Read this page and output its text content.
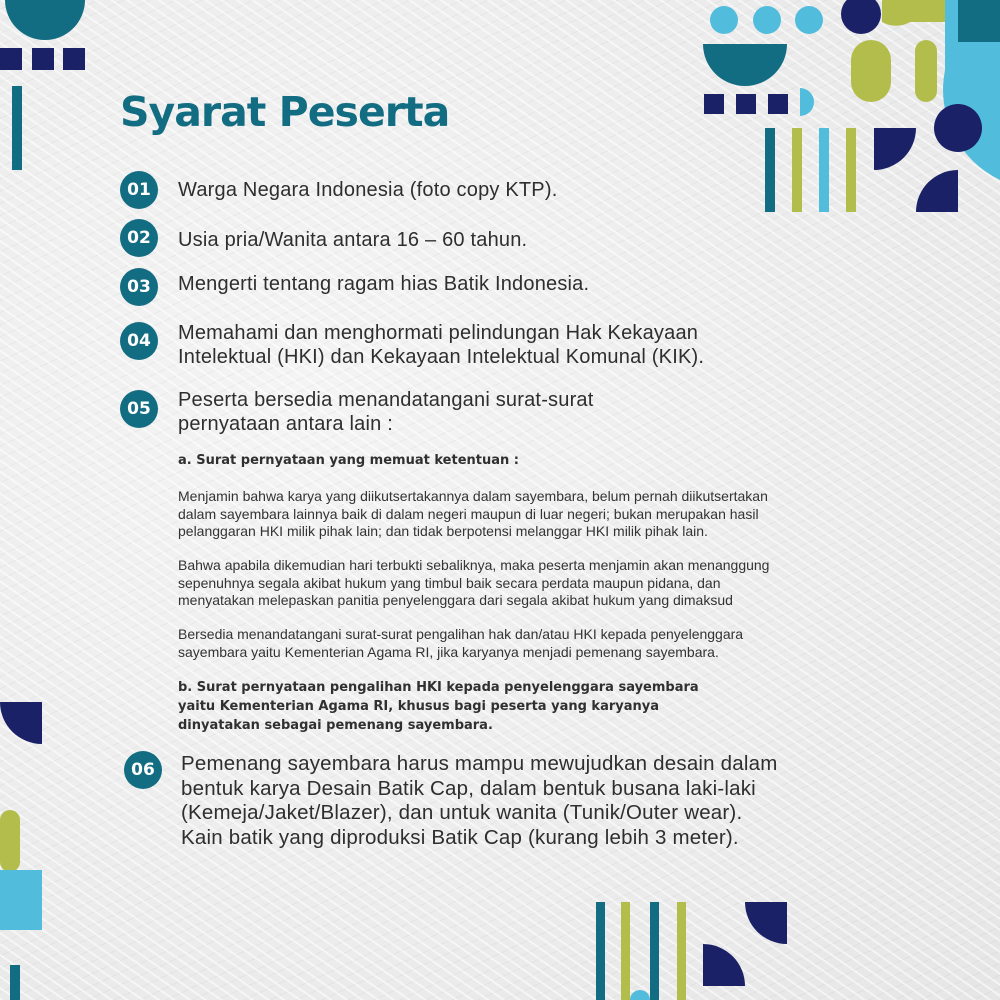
Syarat Peserta
01	Warga Negara Indonesia (foto copy KTP).

02	Usia pria/Wanita antara 16 – 60 tahun.

03	Mengerti tentang ragam hias Batik Indonesia.

04	Memahami dan menghormati pelindungan Hak Kekayaan
Intelektual (HKI) dan Kekayaan Intelektual Komunal (KIK).

05	Peserta bersedia menandatangani surat-surat
pernyataan antara lain :

a. Surat pernyataan yang memuat ketentuan :

Menjamin bahwa karya yang diikutsertakannya dalam sayembara, belum pernah diikutsertakan
dalam sayembara lainnya baik di dalam negeri maupun di luar negeri; bukan merupakan hasil
pelanggaran HKI milik pihak lain; dan tidak berpotensi melanggar HKI milik pihak lain.

Bahwa apabila dikemudian hari terbukti sebaliknya, maka peserta menjamin akan menanggung
sepenuhnya segala akibat hukum yang timbul baik secara perdata maupun pidana, dan
menyatakan melepaskan panitia penyelenggara dari segala akibat hukum yang dimaksud

Bersedia menandatangani surat-surat pengalihan hak dan/atau HKI kepada penyelenggara
sayembara yaitu Kementerian Agama RI, jika karyanya menjadi pemenang sayembara.

b. Surat pernyataan pengalihan HKI kepada penyelenggara sayembara
yaitu Kementerian Agama RI, khusus bagi peserta yang karyanya
dinyatakan sebagai pemenang sayembara.

06	Pemenang sayembara harus mampu mewujudkan desain dalam
bentuk karya Desain Batik Cap, dalam bentuk busana laki-laki
(Kemeja/Jaket/Blazer), dan untuk wanita (Tunik/Outer wear).
Kain batik yang diproduksi Batik Cap (kurang lebih 3 meter).
